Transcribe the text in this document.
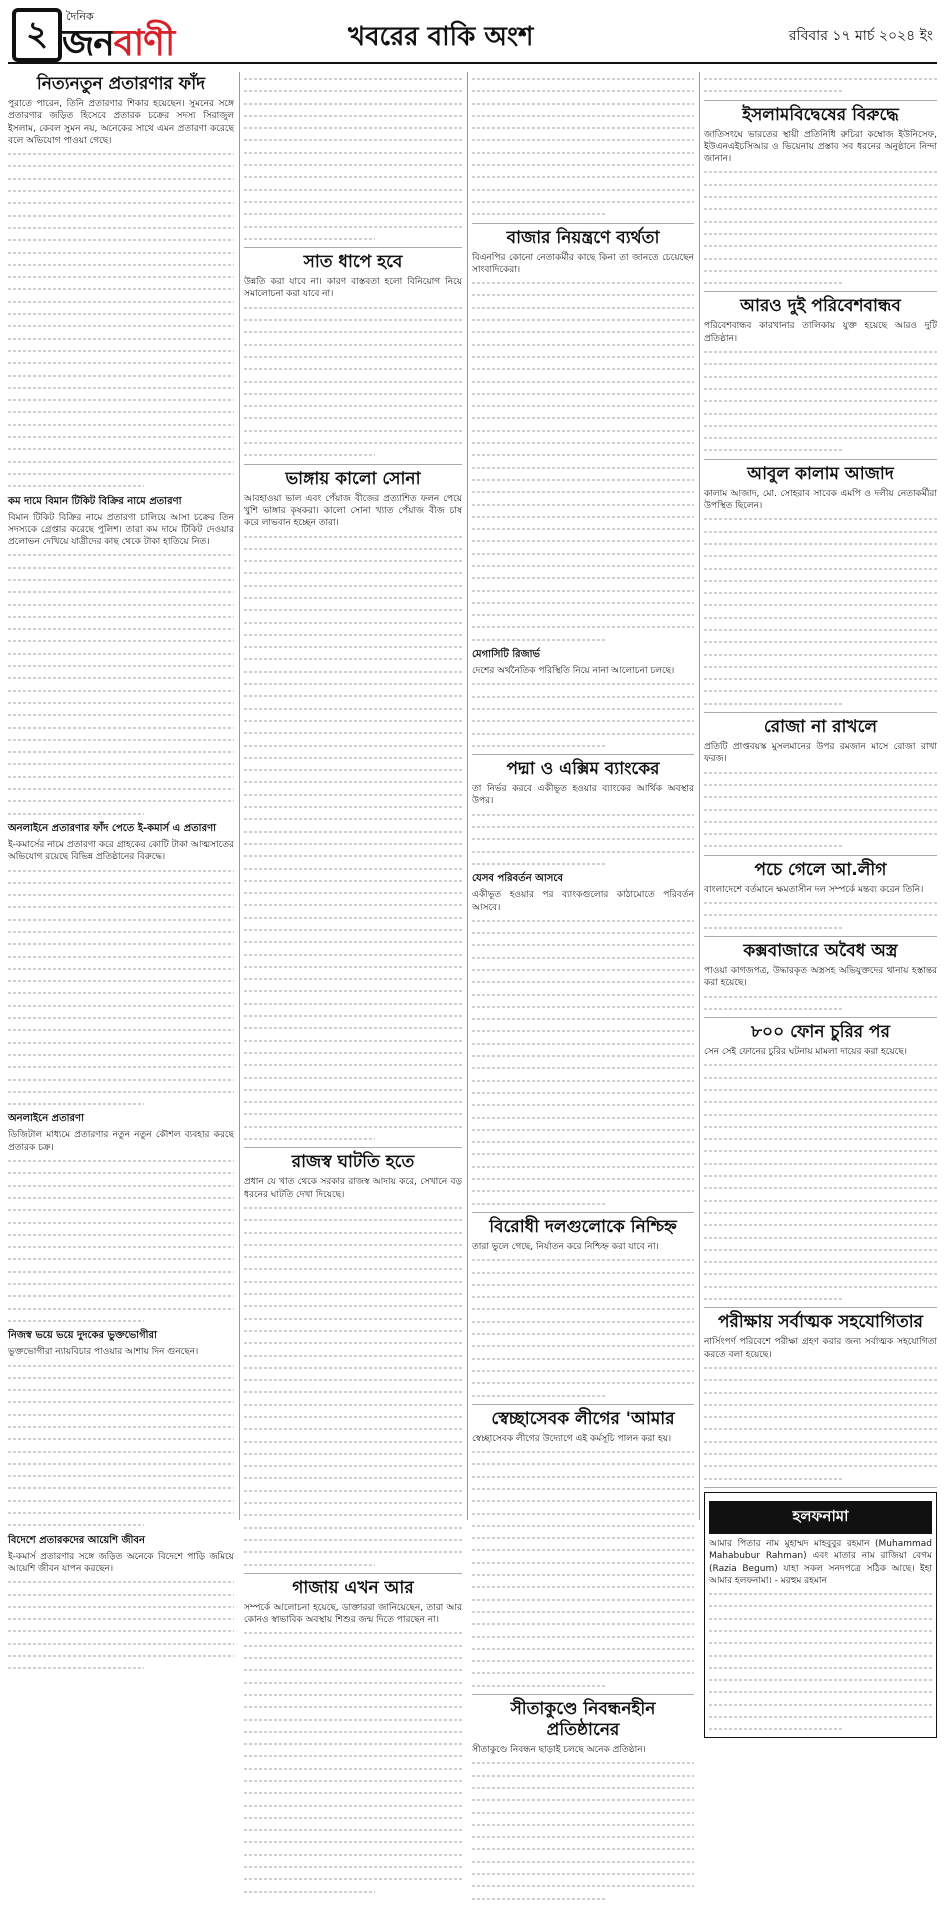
২	দৈনিক
জনবাণী	খবরের বাকি অংশ	রবিবার ১৭ মার্চ ২০২৪ ইং
নিত্যনতুন প্রতারণার ফাঁদ

পুরাতে পারেন, তিনি প্রতারণার শিকার হয়েছেন। সুমনের সঙ্গে প্রতারণার জড়িত হিসেবে প্রতারক চক্রের সদস্য সিরাজুল ইসলাম, কেবল সুমন নয়, অনেকের সাথে এমন প্রতারণা করেছে বলে অভিযোগ পাওয়া গেছে।

কম দামে বিমান টিকিট বিক্রির নামে প্রতারণা

বিমান টিকিট বিক্রির নামে প্রতারণা চালিয়ে আসা চক্রের তিন সদস্যকে গ্রেপ্তার করেছে পুলিশ। তারা কম দামে টিকিট দেওয়ার প্রলোভন দেখিয়ে যাত্রীদের কাছ থেকে টাকা হাতিয়ে নিত।

অনলাইনে প্রতারণার ফাঁদ পেতে ই-কমার্স এ প্রতারণা

ই-কমার্সের নামে প্রতারণা করে গ্রাহকের কোটি টাকা আত্মসাতের অভিযোগ রয়েছে বিভিন্ন প্রতিষ্ঠানের বিরুদ্ধে।

অনলাইনে প্রতারণা

ডিজিটাল মাধ্যমে প্রতারণার নতুন নতুন কৌশল ব্যবহার করছে প্রতারক চক্র।

নিজস্ব ভয়ে ভয়ে দুদকের ভুক্তভোগীরা

ভুক্তভোগীরা ন্যায়বিচার পাওয়ার আশায় দিন গুনছেন।

বিদেশে প্রতারকদের আয়েশি জীবন

ই-কমার্স প্রতারণার সঙ্গে জড়িত অনেকে বিদেশে পাড়ি জমিয়ে আয়েশি জীবন যাপন করছেন।

সাত ধাপে হবে

উন্নতি করা যাবে না। কারণ বাস্তবতা হলো বিনিয়োগ নিয়ে সমালোচনা করা যাবে না।

ভাঙ্গায় কালো সোনা

আবহাওয়া ভাল এবং পেঁয়াজ বীজের প্রত্যাশিত ফলন পেয়ে খুশি ভাঙ্গার কৃষকরা। কালো সোনা খ্যাত পেঁয়াজ বীজ চাষ করে লাভবান হচ্ছেন তারা।

রাজস্ব ঘাটতি হতে

প্রধান যে খাত থেকে সরকার রাজস্ব আদায় করে, সেখানে বড় ধরনের ঘাটতি দেখা দিয়েছে।

গাজায় এখন আর

সম্পর্কে আলোচনা হয়েছে, ডাক্তাররা জানিয়েছেন, তারা আর কোনও স্বাভাবিক অবস্থায় শিশুর জন্ম দিতে পারছেন না।

বাজার নিয়ন্ত্রণে ব্যর্থতা

বিএনপির কোনো নেতাকর্মীর কাছে কিনা তা জানতে চেয়েছেন সাংবাদিকেরা।

মেগাসিটি রিজার্ভ

দেশের অর্থনৈতিক পরিস্থিতি নিয়ে নানা আলোচনা চলছে।

পদ্মা ও এক্সিম ব্যাংকের

তা নির্ভর করবে একীভূত হওয়ার ব্যাংকের আর্থিক অবস্থার উপর।

যেসব পরিবর্তন আসবে

একীভূত হওয়ার পর ব্যাংকগুলোর কাঠামোতে পরিবর্তন আসবে।

বিরোধী দলগুলোকে নিশ্চিহ্ন

তারা ভুলে গেছে, নির্যাতন করে নিশ্চিহ্ন করা যাবে না।

স্বেচ্ছাসেবক লীগের 'আমার

স্বেচ্ছাসেবক লীগের উদ্যোগে এই কর্মসূচি পালন করা হয়।

সীতাকুণ্ডে নিবন্ধনহীন প্রতিষ্ঠানের

সীতাকুণ্ডে নিবন্ধন ছাড়াই চলছে অনেক প্রতিষ্ঠান।

ইসলামবিদ্বেষের বিরুদ্ধে

জাতিসংঘে ভারতের স্থায়ী প্রতিনিধি রুচিরা কম্বোজ ইউনিসেফ, ইউএনএইচসিআর ও ভিয়েনায় প্রস্তাব সব ধরনের অনুষ্ঠানে নিন্দা জানান।

আরও দুই পরিবেশবান্ধব

পরিবেশবান্ধব কারখানার তালিকায় যুক্ত হয়েছে আরও দুটি প্রতিষ্ঠান।

আবুল কালাম আজাদ

কালাম আজাদ, মো. সোহরাব সাবেক এমপি ও দলীয় নেতাকর্মীরা উপস্থিত ছিলেন।

রোজা না রাখলে

প্রতিটি প্রাপ্তবয়স্ক মুসলমানের উপর রমজান মাসে রোজা রাখা ফরজ।

পচে গেলে আ.লীগ

বাংলাদেশে বর্তমানে ক্ষমতাসীন দল সম্পর্কে মন্তব্য করেন তিনি।

কক্সবাজারে অবৈধ অস্ত্র

পাওয়া কাগজপত্র, উদ্ধারকৃত অস্ত্রসহ অভিযুক্তদের থানায় হস্তান্তর করা হয়েছে।

৮০০ ফোন চুরির পর

সেন সেই ফোনের চুরির ঘটনায় মামলা দায়ের করা হয়েছে।

পরীক্ষায় সর্বাত্মক সহযোগিতার

নার্সিংপর্ণ পরিবেশে পরীক্ষা গ্রহণ করার জন্য সর্বাত্মক সহযোগিতা করতে বলা হয়েছে।

হলফনামা

আমার পিতার নাম মুহাম্মদ মাহবুবুর রহমান (Muhammad Mahabubur Rahman) এবং মাতার নাম রাজিয়া বেগম (Razia Begum) যাহা সকল সনদপত্রে সঠিক আছে। ইহা আমার হলফনামা। - মরহুম রহমান
